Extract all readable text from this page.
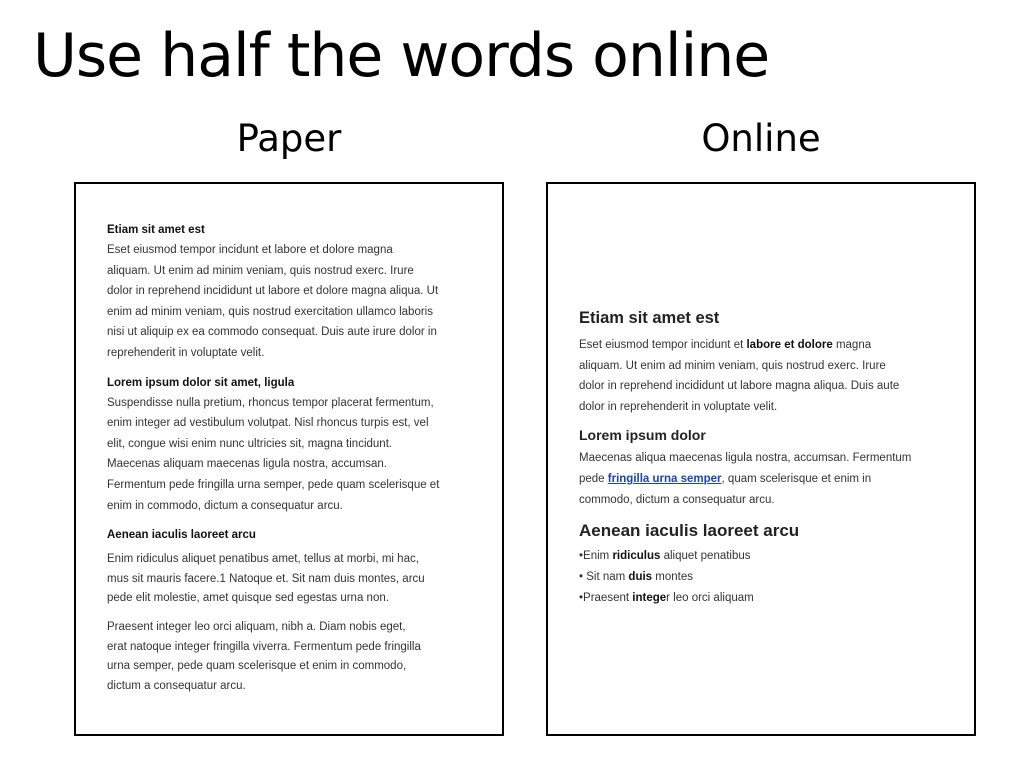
Use half the words online
Paper	Online
Etiam sit amet est
Eset eiusmod tempor incidunt et labore et dolore magna
aliquam. Ut enim ad minim veniam, quis nostrud exerc. Irure
dolor in reprehend incididunt ut labore et dolore magna aliqua. Ut
enim ad minim veniam, quis nostrud exercitation ullamco laboris
nisi ut aliquip ex ea commodo consequat. Duis aute irure dolor in
reprehenderit in voluptate velit.
Lorem ipsum dolor sit amet, ligula
Suspendisse nulla pretium, rhoncus tempor placerat fermentum,
enim integer ad vestibulum volutpat. Nisl rhoncus turpis est, vel
elit, congue wisi enim nunc ultricies sit, magna tincidunt.
Maecenas aliquam maecenas ligula nostra, accumsan.
Fermentum pede fringilla urna semper, pede quam scelerisque et
enim in commodo, dictum a consequatur arcu.
Aenean iaculis laoreet arcu
Enim ridiculus aliquet penatibus amet, tellus at morbi, mi hac,
mus sit mauris facere.1 Natoque et. Sit nam duis montes, arcu
pede elit molestie, amet quisque sed egestas urna non.
Praesent integer leo orci aliquam, nibh a. Diam nobis eget,
erat natoque integer fringilla viverra. Fermentum pede fringilla
urna semper, pede quam scelerisque et enim in commodo,
dictum a consequatur arcu.
Etiam sit amet est

Eset eiusmod tempor incidunt et labore et dolore magna
aliquam. Ut enim ad minim veniam, quis nostrud exerc. Irure
dolor in reprehend incididunt ut labore magna aliqua. Duis aute
dolor in reprehenderit in voluptate velit.

Lorem ipsum dolor

Maecenas aliqua maecenas ligula nostra, accumsan. Fermentum
pede fringilla urna semper, quam scelerisque et enim in
commodo, dictum a consequatur arcu.

Aenean iaculis laoreet arcu
•Enim ridiculus aliquet penatibus
• Sit nam duis montes
•Praesent integer leo orci aliquam
